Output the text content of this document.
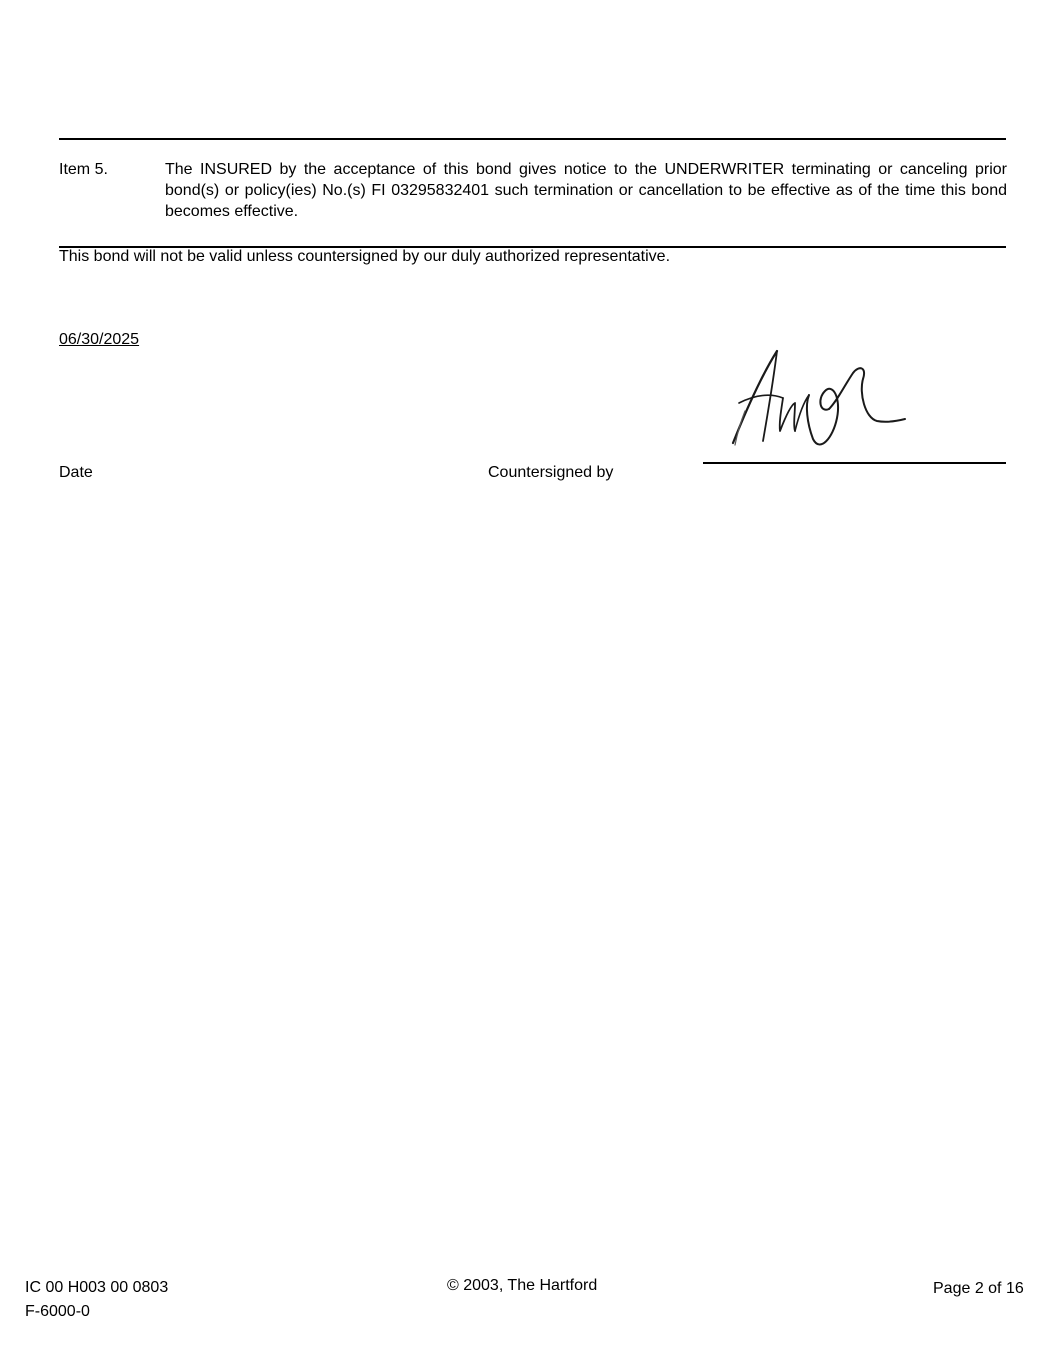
Item 5.	The INSURED by the acceptance of this bond gives notice to the UNDERWRITER terminating or canceling prior bond(s) or policy(ies) No.(s) FI 03295832401 such termination or cancellation to be effective as of the time this bond becomes effective.
This bond will not be valid unless countersigned by our duly authorized representative.
06/30/2025
Date	Countersigned by
IC 00 H003 00 0803
F-6000-0
© 2003, The Hartford	Page 2 of 16
